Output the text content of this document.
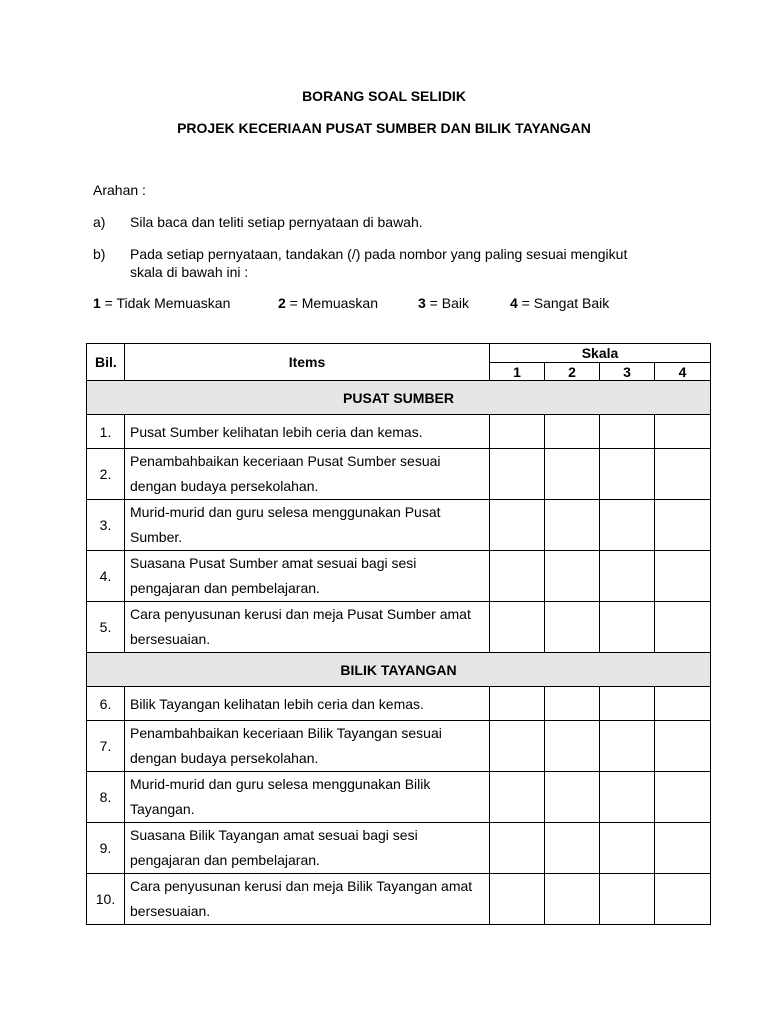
BORANG SOAL SELIDIK
PROJEK KECERIAAN PUSAT SUMBER DAN BILIK TAYANGAN
Arahan :
a) Sila baca dan teliti setiap pernyataan di bawah.
b) Pada setiap pernyataan, tandakan (/) pada nombor yang paling sesuai mengikut skala di bawah ini :
1 = Tidak Memuaskan	2 = Memuaskan	3 = Baik	4 = Sangat Baik
Bil.	Items	Skala			
		1	2	3	4
PUSAT SUMBER					
1.	Pusat Sumber kelihatan lebih ceria dan kemas.				
2.	Penambahbaikan keceriaan Pusat Sumber sesuai dengan budaya persekolahan.				
3.	Murid-murid dan guru selesa menggunakan Pusat Sumber.				
4.	Suasana Pusat Sumber amat sesuai bagi sesi pengajaran dan pembelajaran.				
5.	Cara penyusunan kerusi dan meja Pusat Sumber amat bersesuaian.				
BILIK TAYANGAN					
6.	Bilik Tayangan kelihatan lebih ceria dan kemas.				
7.	Penambahbaikan keceriaan Bilik Tayangan sesuai dengan budaya persekolahan.				
8.	Murid-murid dan guru selesa menggunakan Bilik Tayangan.				
9.	Suasana Bilik Tayangan amat sesuai bagi sesi pengajaran dan pembelajaran.				
10.	Cara penyusunan kerusi dan meja Bilik Tayangan amat bersesuaian.				
